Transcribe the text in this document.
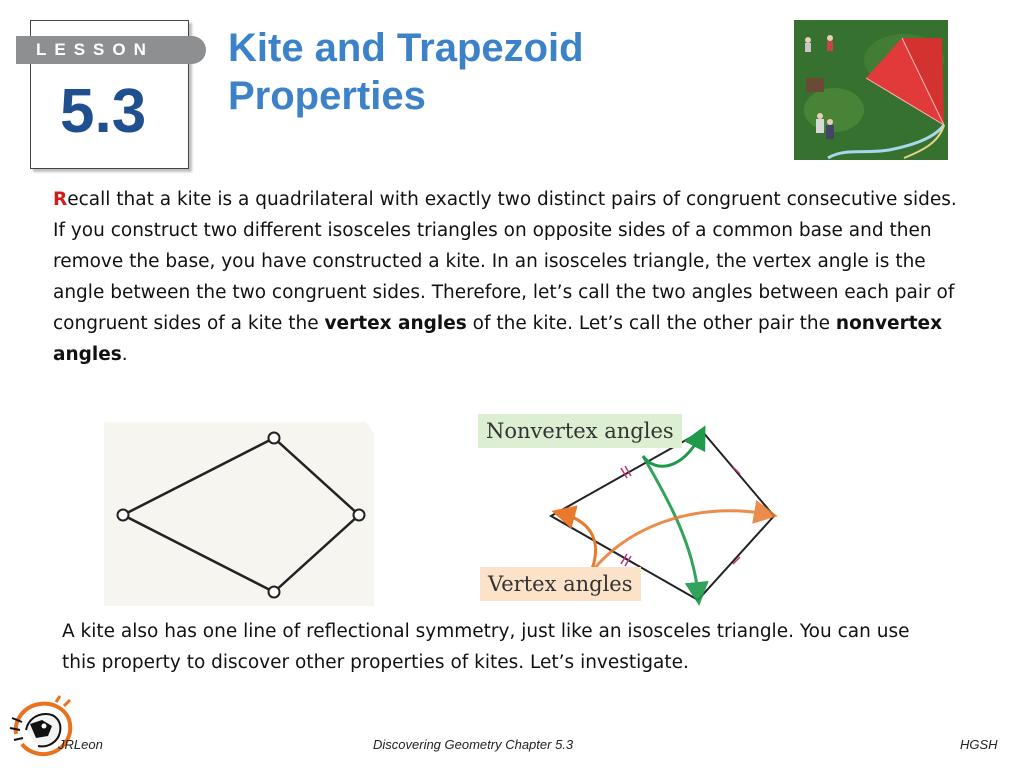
LESSON
5.3
Kite and Trapezoid
Properties
Recall that a kite is a quadrilateral with exactly two distinct pairs of congruent consecutive sides. If you construct two different isosceles triangles on opposite sides of a common base and then remove the base, you have constructed a kite. In an isosceles triangle, the vertex angle is the angle between the two congruent sides. Therefore, let’s call the two angles between each pair of congruent sides of a kite the vertex angles of the kite. Let’s call the other pair the nonvertex angles.
Nonvertex angles
Vertex angles
A kite also has one line of reflectional symmetry, just like an isosceles triangle. You can use this property to discover other properties of kites. Let’s investigate.
JRLeon	Discovering Geometry Chapter 5.3	HGSH
